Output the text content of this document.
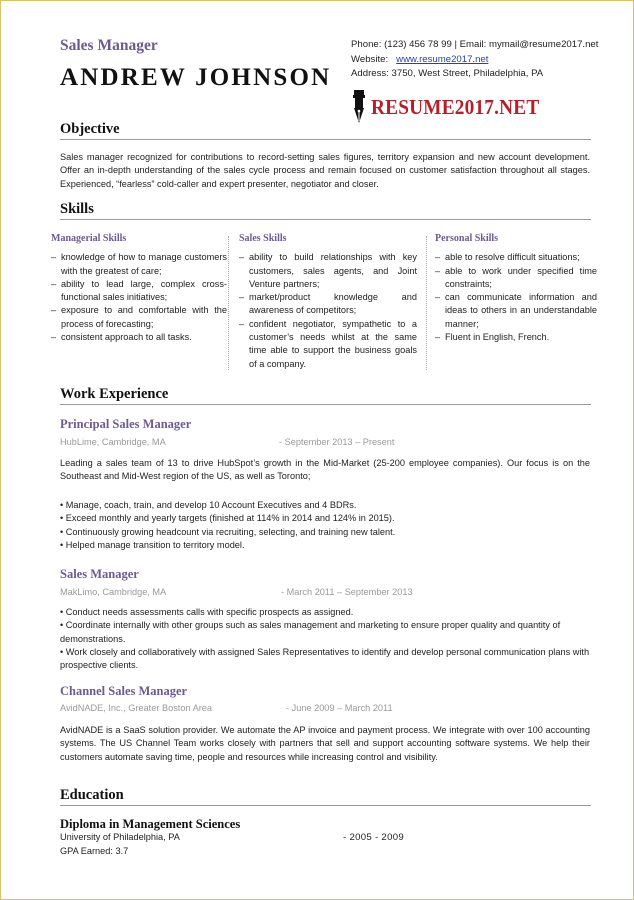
Sales Manager
ANDREW JOHNSON
Phone: (123) 456 78 99 | Email: mymail@resume2017.net
Website: www.resume2017.net
Address: 3750, West Street, Philadelphia, PA
RESUME2017.NET
Objective
Sales manager recognized for contributions to record-setting sales figures, territory expansion and new account development. Offer an in-depth understanding of the sales cycle process and remain focused on customer satisfaction throughout all stages. Experienced, “fearless” cold-caller and expert presenter, negotiator and closer.
Skills
Managerial Skills
– knowledge of how to manage customers with the greatest of care;
– ability to lead large, complex cross-functional sales initiatives;
– exposure to and comfortable with the process of forecasting;
– consistent approach to all tasks.
Sales Skills
– ability to build relationships with key customers, sales agents, and Joint Venture partners;
– market/product knowledge and awareness of competitors;
– confident negotiator, sympathetic to a customer’s needs whilst at the same time able to support the business goals of a company.
Personal Skills
– able to resolve difficult situations;
– able to work under specified time constraints;
– can communicate information and ideas to others in an understandable manner;
– Fluent in English, French.
Work Experience
Principal Sales Manager
HubLime, Cambridge, MA	- September 2013 – Present
Leading a sales team of 13 to drive HubSpot’s growth in the Mid-Market (25-200 employee companies). Our focus is on the Southeast and Mid-West region of the US, as well as Toronto;
• Manage, coach, train, and develop 10 Account Executives and 4 BDRs.
• Exceed monthly and yearly targets (finished at 114% in 2014 and 124% in 2015).
• Continuously growing headcount via recruiting, selecting, and training new talent.
• Helped manage transition to territory model.
Sales Manager
MakLimo, Cambridge, MA	- March 2011 – September 2013
• Conduct needs assessments calls with specific prospects as assigned.
• Coordinate internally with other groups such as sales management and marketing to ensure proper quality and quantity of demonstrations.
• Work closely and collaboratively with assigned Sales Representatives to identify and develop personal communication plans with prospective clients.
Channel Sales Manager
AvidNADE, Inc., Greater Boston Area	- June 2009 – March 2011
AvidNADE is a SaaS solution provider. We automate the AP invoice and payment process. We integrate with over 100 accounting systems. The US Channel Team works closely with partners that sell and support accounting software systems. We help their customers automate saving time, people and resources while increasing control and visibility.
Education
Diploma in Management Sciences
University of Philadelphia, PA	- 2005 - 2009
GPA Earned: 3.7
